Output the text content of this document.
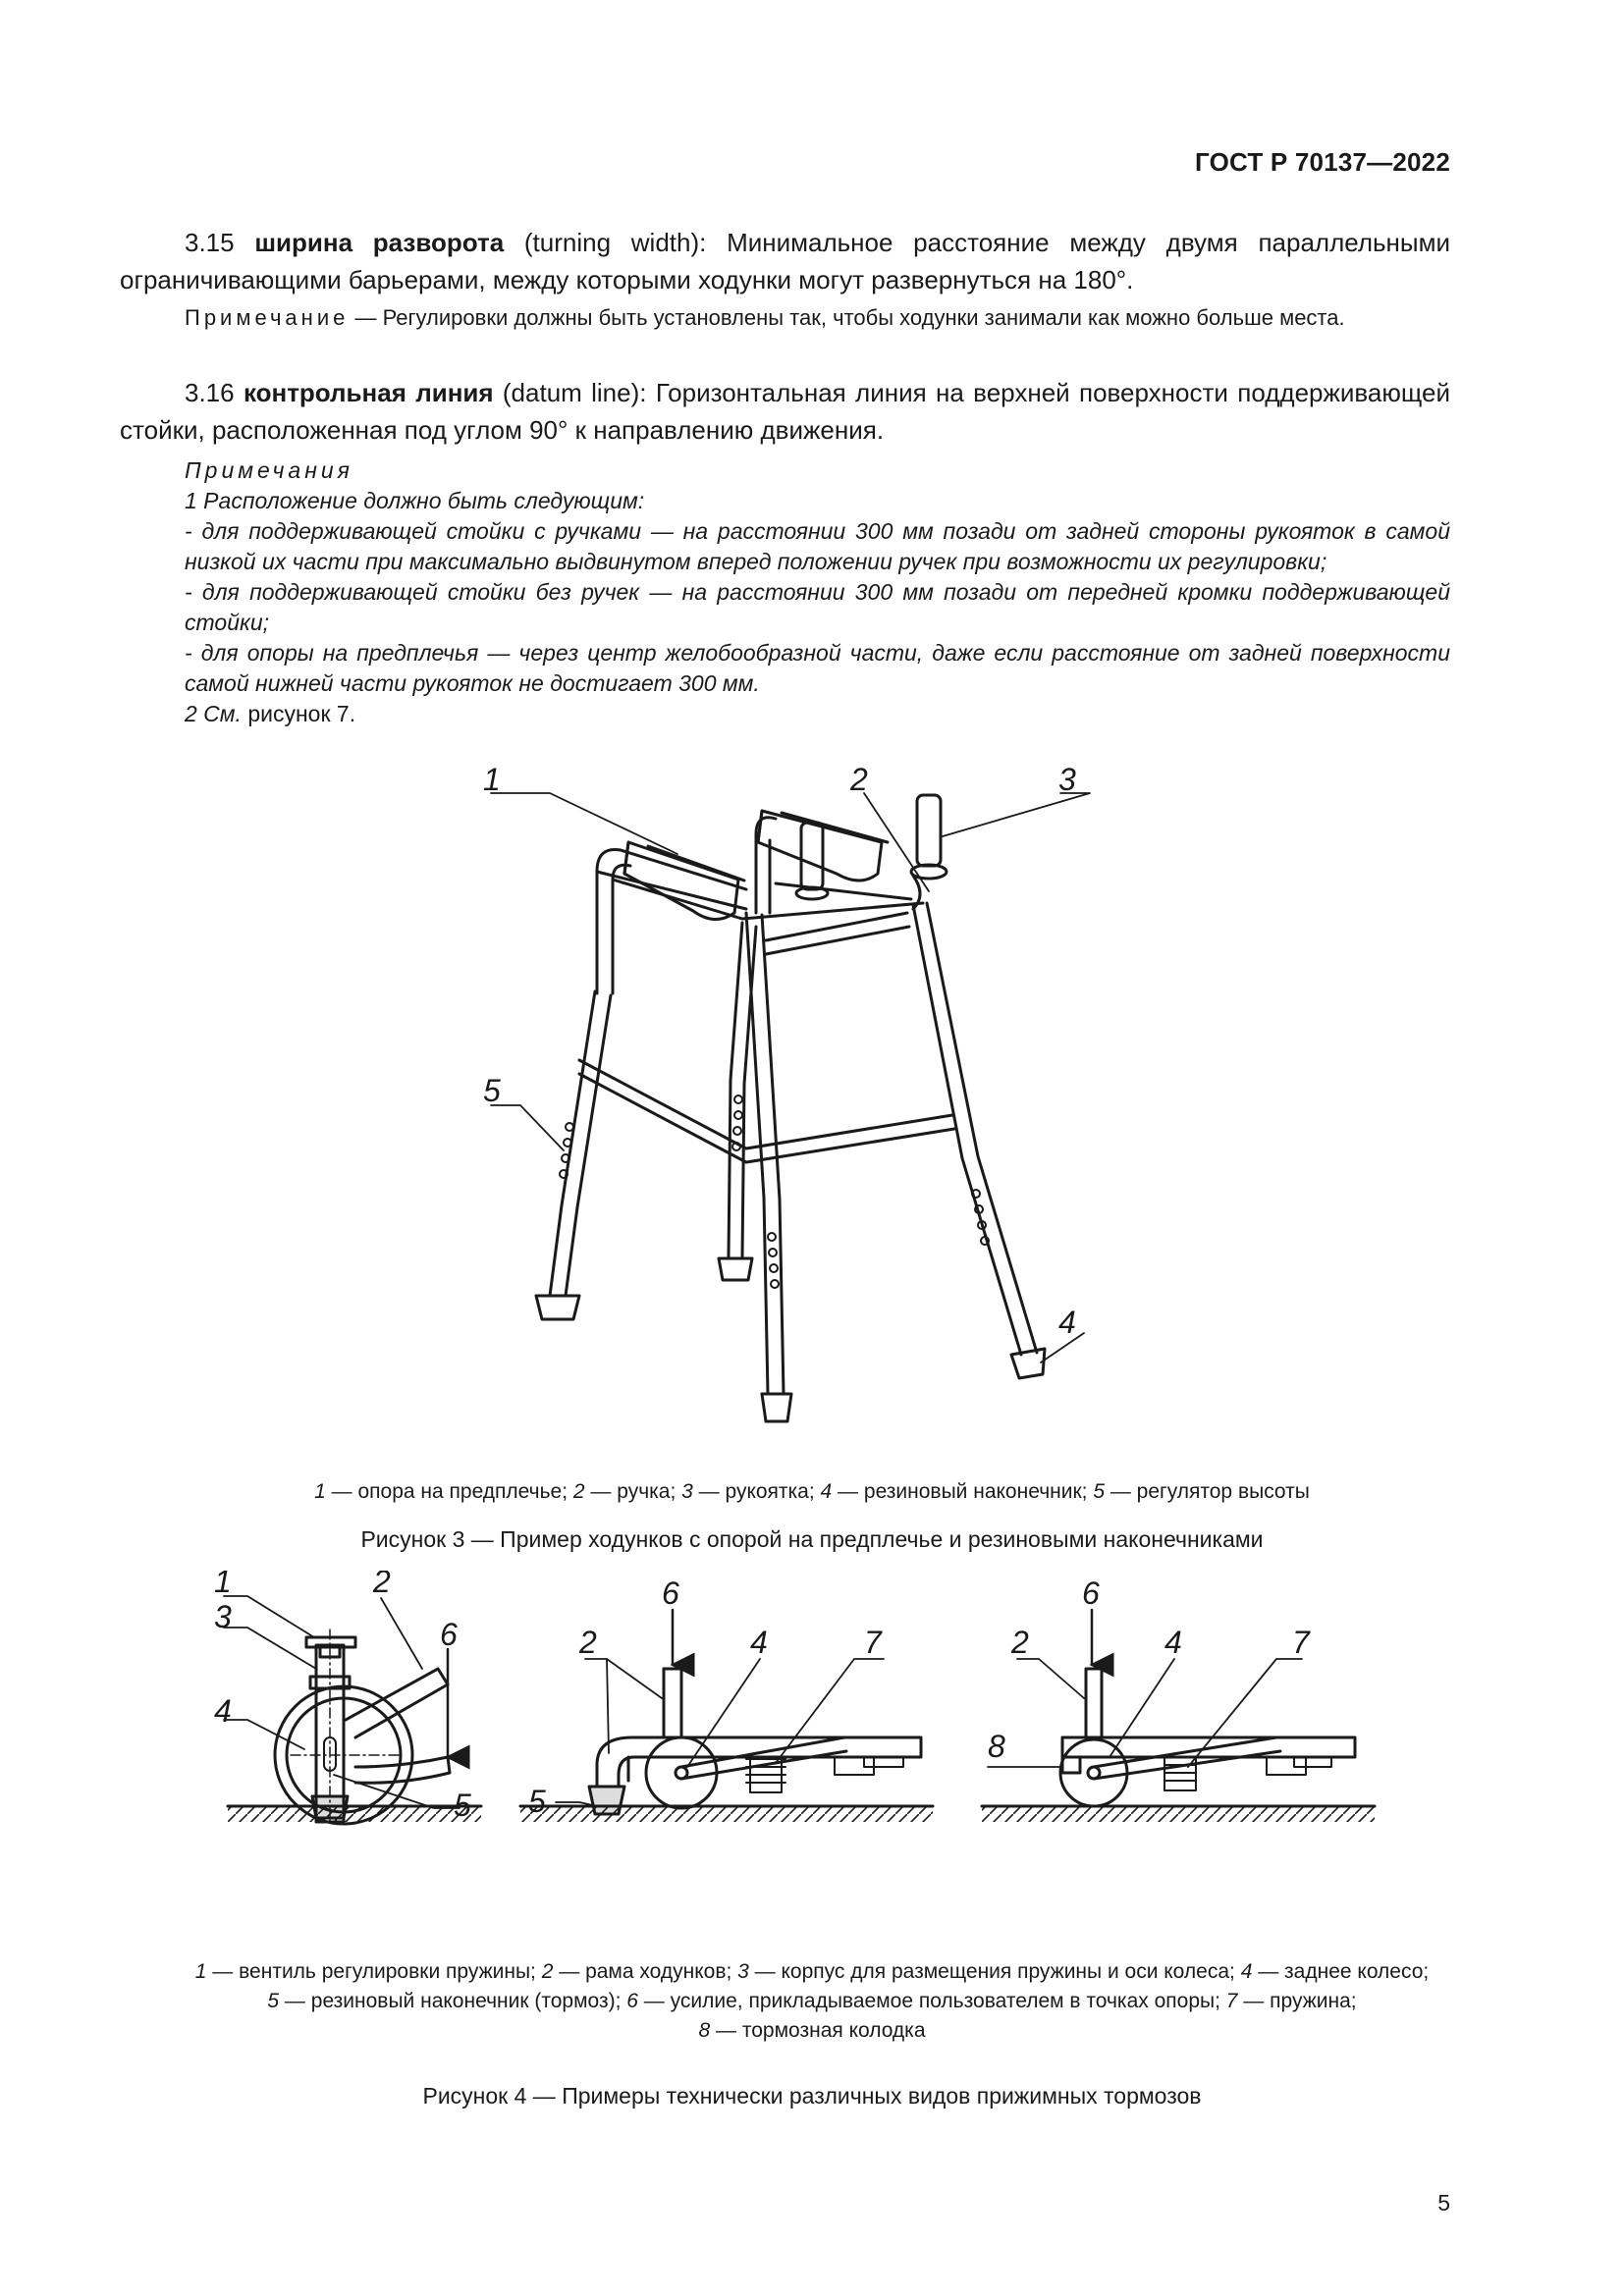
ГОСТ Р 70137—2022
3.15 ширина разворота (turning width): Минимальное расстояние между двумя параллельными ограничивающими барьерами, между которыми ходунки могут развернуться на 180°.
Примечание — Регулировки должны быть установлены так, чтобы ходунки занимали как можно больше места.
3.16 контрольная линия (datum line): Горизонтальная линия на верхней поверхности поддерживающей стойки, расположенная под углом 90° к направлению движения.
Примечания
1 Расположение должно быть следующим:
- для поддерживающей стойки с ручками — на расстоянии 300 мм позади от задней стороны рукояток в самой низкой их части при максимально выдвинутом вперед положении ручек при возможности их регулировки;
- для поддерживающей стойки без ручек — на расстоянии 300 мм позади от передней кромки поддерживающей стойки;
- для опоры на предплечья — через центр желобообразной части, даже если расстояние от задней поверхности самой нижней части рукояток не достигает 300 мм.
2 См. рисунок 7.
1	2	3
4
5
1 — опора на предплечье; 2 — ручка; 3 — рукоятка; 4 — резиновый наконечник; 5 — регулятор высоты
Рисунок 3 — Пример ходунков с опорой на предплечье и резиновыми наконечниками
1	2
3
4
5
6
6
2	4	7
5
6
2	4	7
8
1 — вентиль регулировки пружины; 2 — рама ходунков; 3 — корпус для размещения пружины и оси колеса; 4 — заднее колесо;
5 — резиновый наконечник (тормоз); 6 — усилие, прикладываемое пользователем в точках опоры; 7 — пружина;
8 — тормозная колодка
Рисунок 4 — Примеры технически различных видов прижимных тормозов
5
